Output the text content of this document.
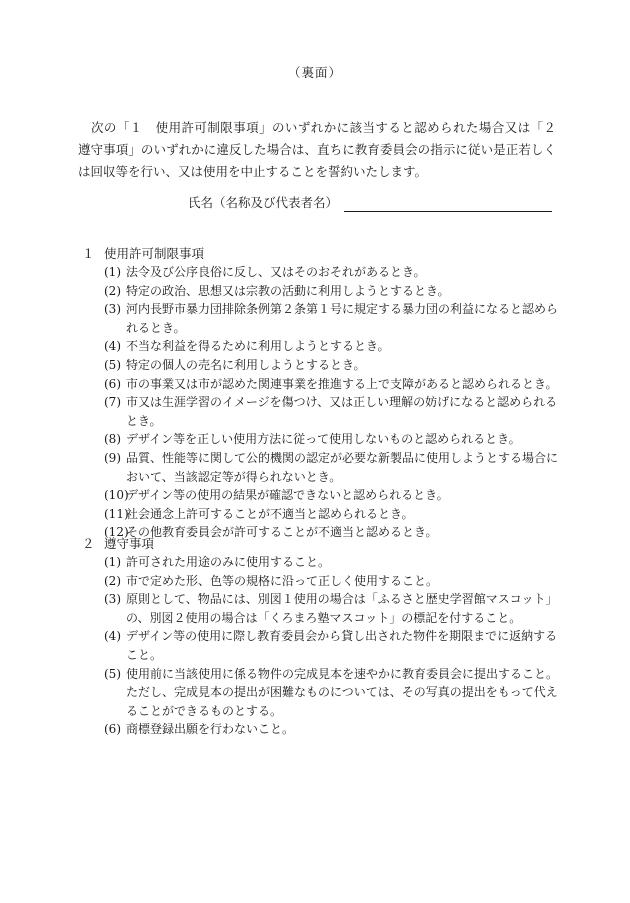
（裏面）
次の「１　使用許可制限事項」のいずれかに該当すると認められた場合又は「２　遵守事項」のいずれかに違反した場合は、直ちに教育委員会の指示に従い是正若しくは回収等を行い、又は使用を中止することを誓約いたします。
氏名（名称及び代表者名）
１ 使用許可制限事項
(1) 法令及び公序良俗に反し、又はそのおそれがあるとき。
(2) 特定の政治、思想又は宗教の活動に利用しようとするとき。
(3) 河内長野市暴力団排除条例第２条第１号に規定する暴力団の利益になると認められるとき。
(4) 不当な利益を得るために利用しようとするとき。
(5) 特定の個人の売名に利用しようとするとき。
(6) 市の事業又は市が認めた関連事業を推進する上で支障があると認められるとき。
(7) 市又は生涯学習のイメージを傷つけ、又は正しい理解の妨げになると認められるとき。
(8) デザイン等を正しい使用方法に従って使用しないものと認められるとき。
(9) 品質、性能等に関して公的機関の認定が必要な新製品に使用しようとする場合において、当該認定等が得られないとき。
(10)
デザイン等の使用の結果が確認できないと認められるとき。
(11)
社会通念上許可することが不適当と認められるとき。
(12)
その他教育委員会が許可することが不適当と認めるとき。
２ 遵守事項
(1) 許可された用途のみに使用すること。
(2) 市で定めた形、色等の規格に沿って正しく使用すること。
(3) 原則として、物品には、別図１使用の場合は「ふるさと歴史学習館マスコット」の、別図２使用の場合は「くろまろ塾マスコット」の標記を付すること。
(4) デザイン等の使用に際し教育委員会から貸し出された物件を期限までに返納すること。
(5) 使用前に当該使用に係る物件の完成見本を速やかに教育委員会に提出すること。ただし、完成見本の提出が困難なものについては、その写真の提出をもって代えることができるものとする。
(6) 商標登録出願を行わないこと。
